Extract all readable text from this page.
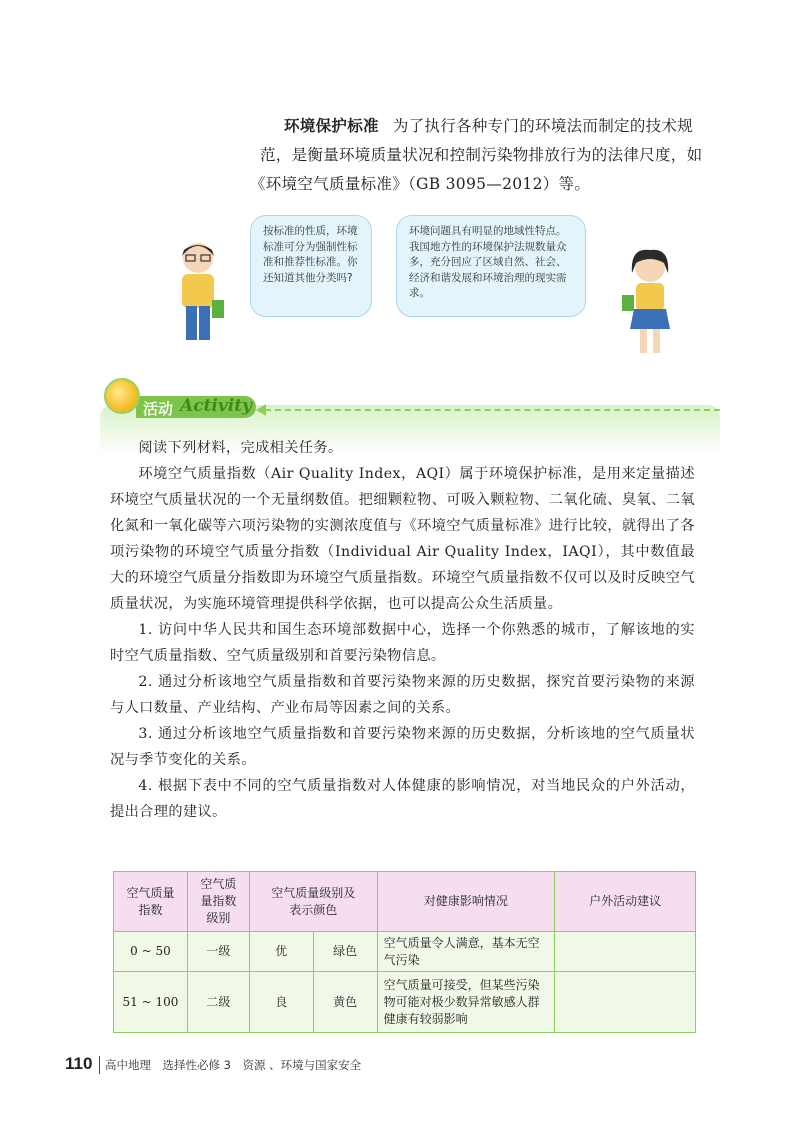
环境保护标准 为了执行各种专门的环境法而制定的技术规
范，是衡量环境质量状况和控制污染物排放行为的法律尺度，如
《环境空气质量标准》（GB 3095—2012）等。
按标准的性质，环境标准可分为强制性标准和推荐性标准。你还知道其他分类吗?
环境问题具有明显的地域性特点。我国地方性的环境保护法规数量众多，充分回应了区域自然、社会、经济和谐发展和环境治理的现实需求。
活动 Activity

阅读下列材料，完成相关任务。

环境空气质量指数（Air Quality Index，AQI）属于环境保护标准，是用来定量描述环境空气质量状况的一个无量纲数值。把细颗粒物、可吸入颗粒物、二氧化硫、臭氧、二氧化氮和一氧化碳等六项污染物的实测浓度值与《环境空气质量标准》进行比较，就得出了各项污染物的环境空气质量分指数（Individual Air Quality Index，IAQI），其中数值最大的环境空气质量分指数即为环境空气质量指数。环境空气质量指数不仅可以及时反映空气质量状况，为实施环境管理提供科学依据，也可以提高公众生活质量。

1. 访问中华人民共和国生态环境部数据中心，选择一个你熟悉的城市，了解该地的实时空气质量指数、空气质量级别和首要污染物信息。

2. 通过分析该地空气质量指数和首要污染物来源的历史数据，探究首要污染物的来源与人口数量、产业结构、产业布局等因素之间的关系。

3. 通过分析该地空气质量指数和首要污染物来源的历史数据，分析该地的空气质量状况与季节变化的关系。

4. 根据下表中不同的空气质量指数对人体健康的影响情况，对当地民众的户外活动，提出合理的建议。

空气质量指数	空气质量指数级别	空气质量级别及表示颜色		对健康影响情况	户外活动建议
0 ~ 50	一级	优	绿色	空气质量令人满意，基本无空气污染	
51 ~ 100	二级	良	黄色	空气质量可接受，但某些污染物可能对极少数异常敏感人群健康有较弱影响	
110 高中地理　选择性必修 3　资源 、环境与国家安全
